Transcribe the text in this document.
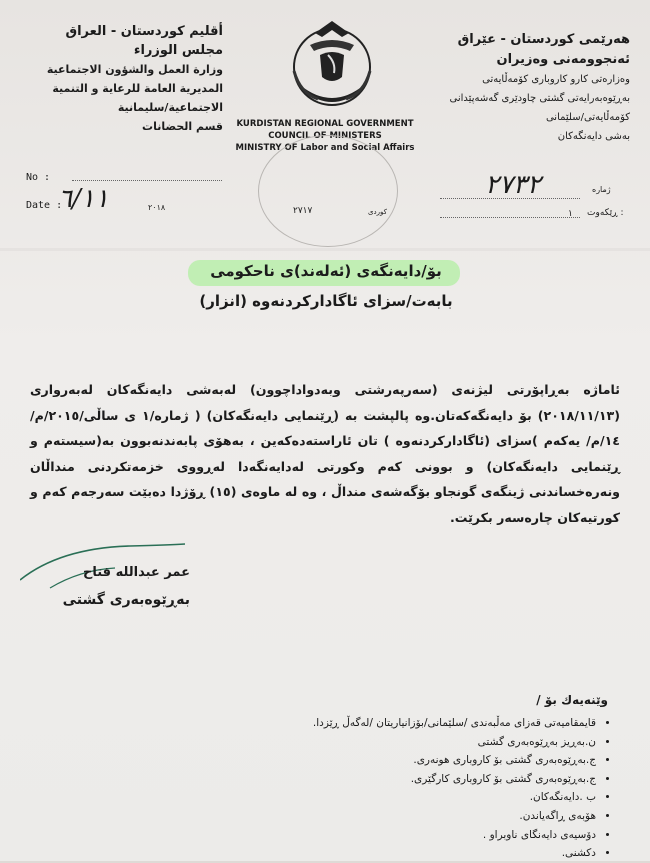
أقليم كوردستان - العراق
مجلس الوزراء
وزارة العمل والشؤون الاجتماعية
المديرية العامة للرعاية و التنمية
الاجتماعية/سليمانية
قسم الحضانات
هەرێمی كوردستان - عێراق
ئەنجوومەنی وەزیران
وەزارەتی كارو كاروباری كۆمەڵایەتی
بەڕێوەبەرایەتی گشتی چاودێری گەشەپێدانی
كۆمەڵایەتی/سلێمانی
بەشی دایەنگەكان
KURDISTAN REGIONAL GOVERNMENT
COUNCIL OF MINISTERS
MINISTRY OF Labor and Social Affairs
No :
Date :
٦/١١	٢٠١٨	٢٧١٧	كوردی
٢٧٣٢	ژمارە
ڕێكەوت :
١
بۆ/دایەنگەی (ئەلەند)ی ناحكومی
بابەت/سزای ئاگاداركردنەوە (انزار)
ئاماژە بەڕاپۆرتی لیژنەی (سەرپەرشتی وبەدواداچوون) لەبەشی دایەنگەكان لەبەرواری (٢٠١٨/١١/١٣) بۆ دایەنگەكەتان.وە پالپشت بە (ڕێنمایی دایەنگەكان) ( ژمارە/١ ی ساڵی/٢٠١٥/م/١٤/م/ یەكەم )سزای (ئاگاداركردنەوە ) تان ئاراستەدەكەین ، بەهۆی پابەندنەبوون بە(سیستەم و ڕێنمایی دایەنگەكان) و بوونی كەم وكورتی لەدایەنگەدا لەڕووی خزمەتكردنی منداڵان ونەرەخساندنی ژینگەی گونجاو بۆگەشەی منداڵ ، وە لە ماوەی (١٥) ڕۆژدا دەبێت سەرجەم كەم و كورتیەكان چارەسەر بكرێت.
عمر عبدالله فتاح
بەڕێوەبەری گشتی
وێنەیەك بۆ /
• قایمقامیەتی قەزای مەڵبەندی /سلێمانی/بۆزانیاریتان /لەگەڵ ڕێزدا.
• ن.بەڕیز بەڕێوەبەری گشتی
• ج.بەڕێوەبەری گشتی بۆ كاروباری هونەری.
• ج.بەڕێوەبەری گشتی بۆ كاروباری كارگێری.
• ب .دایەنگەكان.
• هۆبەی ڕاگەیاندن.
• دۆسیەی دایەنگای ناوبراو .
• دكشنی.
